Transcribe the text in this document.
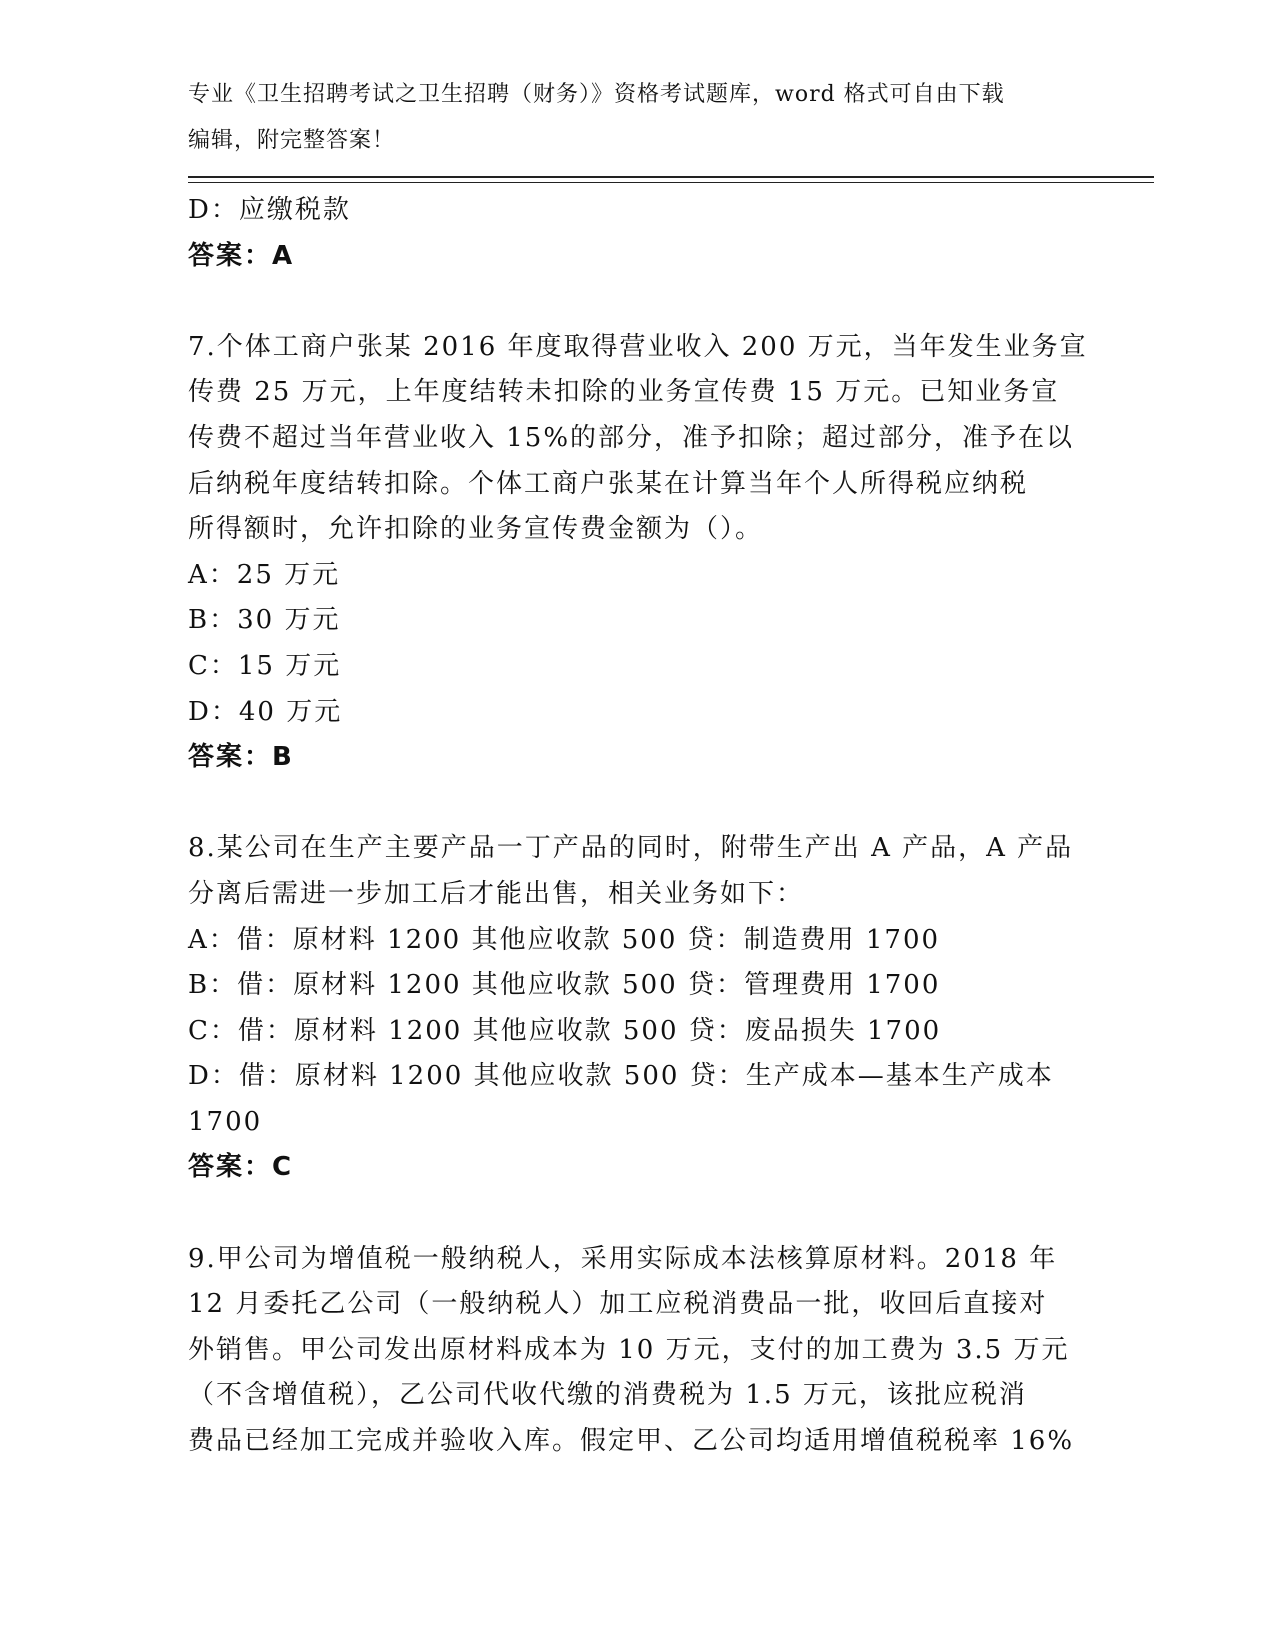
专业《卫生招聘考试之卫生招聘（财务）》资格考试题库，word 格式可自由下载
编辑，附完整答案！
D：应缴税款
答案：A
7.个体工商户张某 2016 年度取得营业收入 200 万元，当年发生业务宣
传费 25 万元，上年度结转未扣除的业务宣传费 15 万元。已知业务宣
传费不超过当年营业收入 15%的部分，准予扣除；超过部分，准予在以
后纳税年度结转扣除。个体工商户张某在计算当年个人所得税应纳税
所得额时，允许扣除的业务宣传费金额为（）。
A：25 万元
B：30 万元
C：15 万元
D：40 万元
答案：B
8.某公司在生产主要产品一丁产品的同时，附带生产出 A 产品，A 产品
分离后需进一步加工后才能出售，相关业务如下：
A：借：原材料 1200 其他应收款 500 贷：制造费用 1700
B：借：原材料 1200 其他应收款 500 贷：管理费用 1700
C：借：原材料 1200 其他应收款 500 贷：废品损失 1700
D：借：原材料 1200 其他应收款 500 贷：生产成本—基本生产成本
1700
答案：C
9.甲公司为增值税一般纳税人，采用实际成本法核算原材料。2018 年
12 月委托乙公司（一般纳税人）加工应税消费品一批，收回后直接对
外销售。甲公司发出原材料成本为 10 万元，支付的加工费为 3.5 万元
（不含增值税），乙公司代收代缴的消费税为 1.5 万元，该批应税消
费品已经加工完成并验收入库。假定甲、乙公司均适用增值税税率 16%
